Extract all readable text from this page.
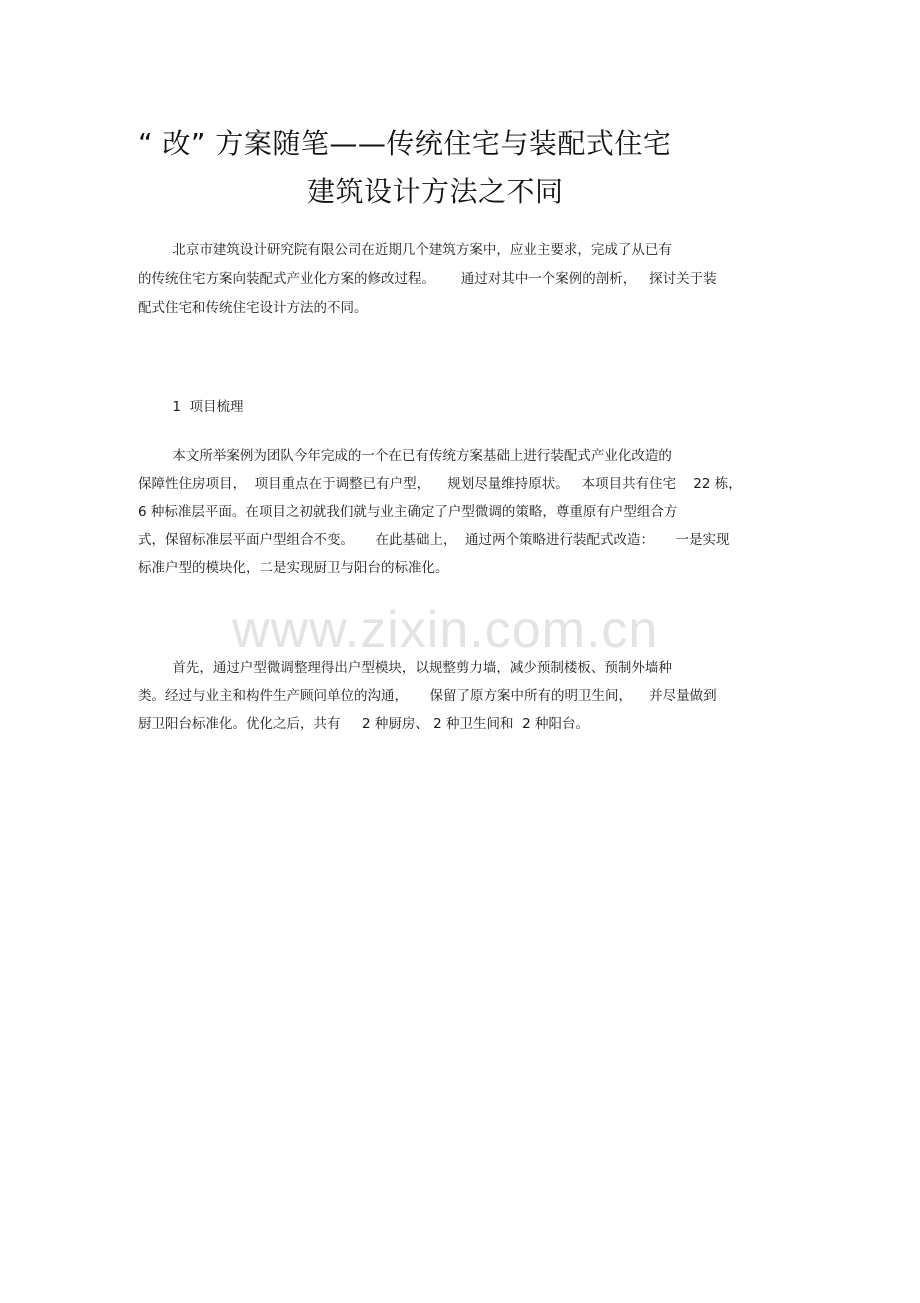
www.zixin.com.cn
“ 改” 方案随笔——传统住宅与装配式住宅
建筑设计方法之不同
北京市建筑设计研究院有限公司在近期几个建筑方案中，应业主要求，完成了从已有
的传统住宅方案向装配式产业化方案的修改过程。      通过对其中一个案例的剖析，   探讨关于装
配式住宅和传统住宅设计方法的不同。
1  项目梳理
本文所举案例为团队今年完成的一个在已有传统方案基础上进行装配式产业化改造的
保障性住房项目，  项目重点在于调整已有户型，    规划尽量维持原状。   本项目共有住宅    22 栋，
6 种标准层平面。在项目之初就我们就与业主确定了户型微调的策略，尊重原有户型组合方
式，保留标准层平面户型组合不变。     在此基础上，  通过两个策略进行装配式改造：     一是实现
标准户型的模块化，二是实现厨卫与阳台的标准化。
首先，通过户型微调整理得出户型模块，以规整剪力墙，减少预制楼板、预制外墙种
类。经过与业主和构件生产顾问单位的沟通，     保留了原方案中所有的明卫生间，    并尽量做到
厨卫阳台标准化。优化之后，共有     2 种厨房、 2 种卫生间和  2 种阳台。
